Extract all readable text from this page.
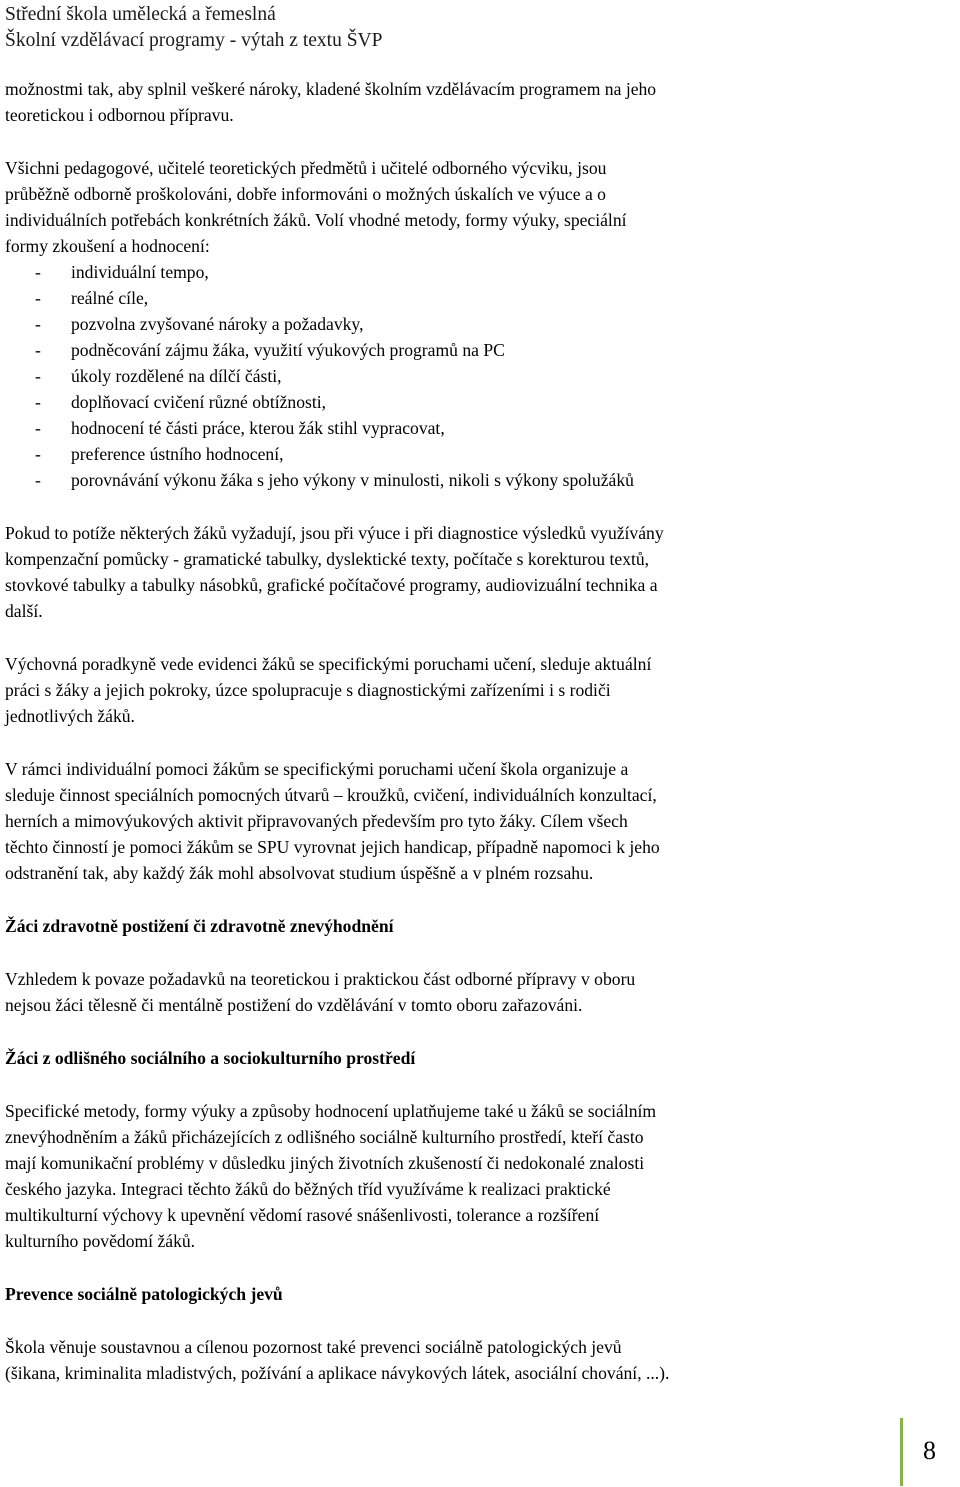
Střední škola umělecká a řemeslná
Školní vzdělávací programy - výtah z textu ŠVP
možnostmi tak, aby splnil veškeré nároky, kladené školním vzdělávacím programem na jeho
teoretickou i odbornou přípravu.
Všichni pedagogové, učitelé teoretických předmětů i učitelé odborného výcviku, jsou
průběžně odborně proškolováni, dobře informováni o možných úskalích ve výuce a o
individuálních potřebách konkrétních žáků. Volí vhodné metody, formy výuky, speciální
formy zkoušení a hodnocení:
- individuální tempo,
- reálné cíle,
- pozvolna zvyšované nároky a požadavky,
- podněcování zájmu žáka, využití výukových programů na PC
- úkoly rozdělené na dílčí části,
- doplňovací cvičení různé obtížnosti,
- hodnocení té části práce, kterou žák stihl vypracovat,
- preference ústního hodnocení,
- porovnávání výkonu žáka s jeho výkony v minulosti, nikoli s výkony spolužáků
Pokud to potíže některých žáků vyžadují, jsou při výuce i při diagnostice výsledků využívány
kompenzační pomůcky - gramatické tabulky, dyslektické texty, počítače s korekturou textů,
stovkové tabulky a tabulky násobků, grafické počítačové programy, audiovizuální technika a
další.
Výchovná poradkyně vede evidenci žáků se specifickými poruchami učení, sleduje aktuální
práci s žáky a jejich pokroky, úzce spolupracuje s diagnostickými zařízeními i s rodiči
jednotlivých žáků.
V rámci individuální pomoci žákům se specifickými poruchami učení škola organizuje a
sleduje činnost speciálních pomocných útvarů – kroužků, cvičení, individuálních konzultací,
herních a mimovýukových aktivit připravovaných především pro tyto žáky. Cílem všech
těchto činností je pomoci žákům se SPU vyrovnat jejich handicap, případně napomoci k jeho
odstranění tak, aby každý žák mohl absolvovat studium úspěšně a v plném rozsahu.
Žáci zdravotně postižení či zdravotně znevýhodnění
Vzhledem k povaze požadavků na teoretickou i praktickou část odborné přípravy v oboru
nejsou žáci tělesně či mentálně postižení do vzdělávání v tomto oboru zařazováni.
Žáci z odlišného sociálního a sociokulturního prostředí
Specifické metody, formy výuky a způsoby hodnocení uplatňujeme také u žáků se sociálním
znevýhodněním a žáků přicházejících z odlišného sociálně kulturního prostředí, kteří často
mají komunikační problémy v důsledku jiných životních zkušeností či nedokonalé znalosti
českého jazyka. Integraci těchto žáků do běžných tříd využíváme k realizaci praktické
multikulturní výchovy k upevnění vědomí rasové snášenlivosti, tolerance a rozšíření
kulturního povědomí žáků.
Prevence sociálně patologických jevů
Škola věnuje soustavnou a cílenou pozornost také prevenci sociálně patologických jevů
(šikana, kriminalita mladistvých, požívání a aplikace návykových látek, asociální chování, ...).
8
